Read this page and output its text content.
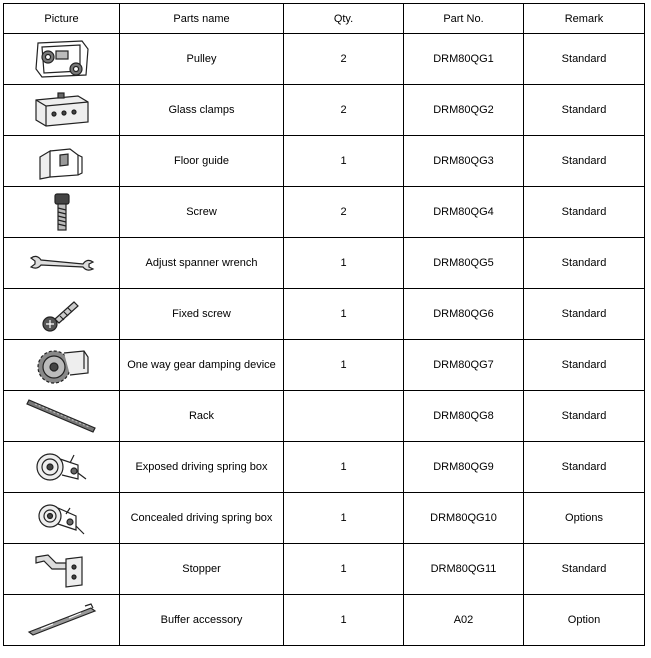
Picture	Parts name	Qty.	Part No.	Remark

	Pulley	2	DRM80QG1	Standard

	Glass clamps	2	DRM80QG2	Standard

	Floor guide	1	DRM80QG3	Standard

	Screw	2	DRM80QG4	Standard

	Adjust spanner wrench	1	DRM80QG5	Standard

	Fixed screw	1	DRM80QG6	Standard

	One way gear damping device	1	DRM80QG7	Standard

	Rack		DRM80QG8	Standard

	Exposed driving spring box	1	DRM80QG9	Standard

	Concealed driving spring box	1	DRM80QG10	Options

	Stopper	1	DRM80QG11	Standard

	Buffer accessory	1	A02	Option
